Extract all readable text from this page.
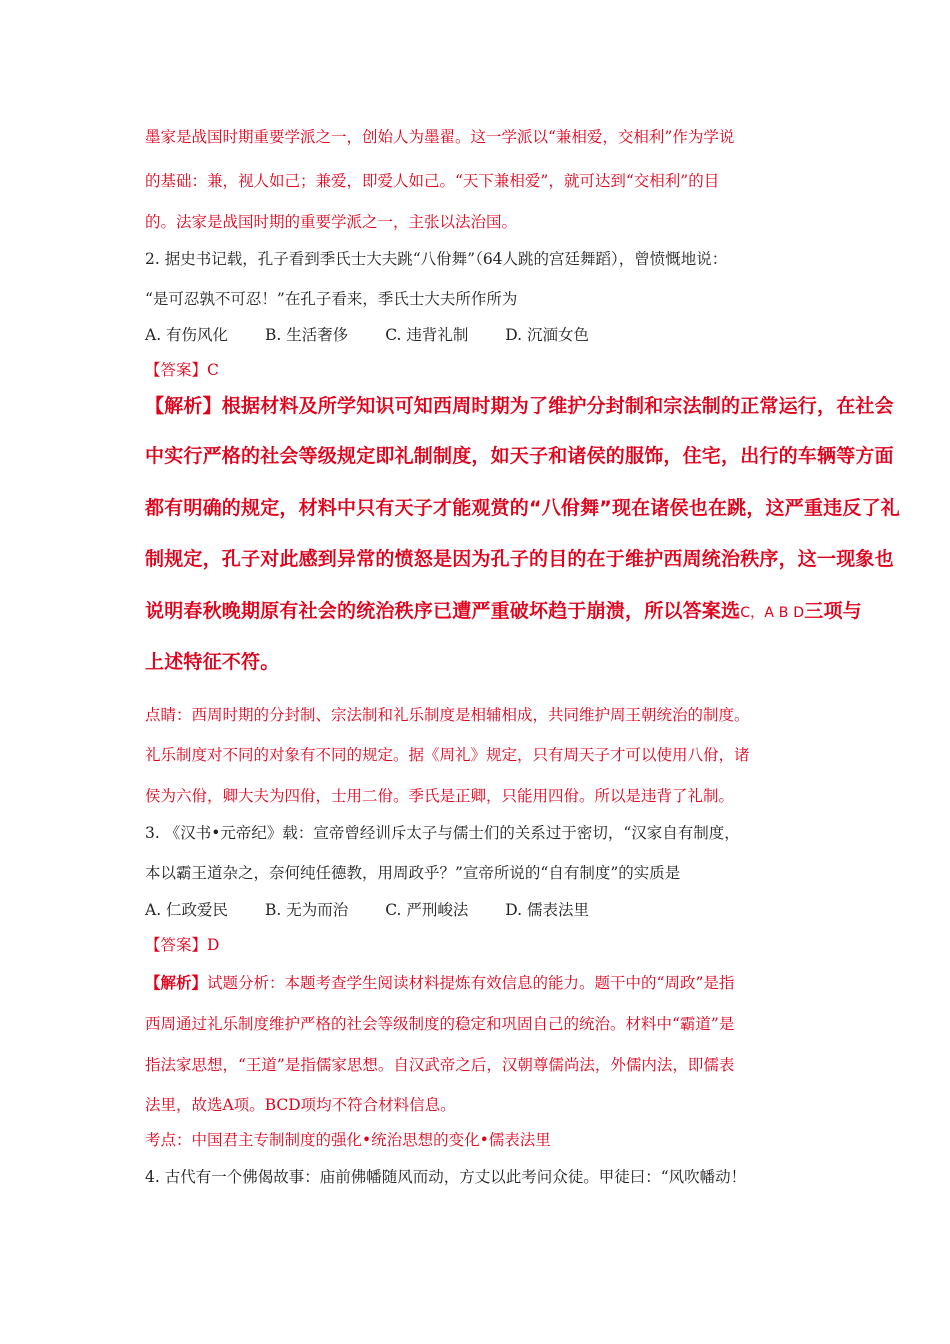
墨家是战国时期重要学派之一，创始人为墨翟。这一学派以“兼相爱，交相利”作为学说
的基础：兼，视人如己；兼爱，即爱人如己。“天下兼相爱”，就可达到“交相利”的目
的。法家是战国时期的重要学派之一，主张以法治国。
2. 据史书记载，孔子看到季氏士大夫跳“八佾舞”（64人跳的宫廷舞蹈），曾愤慨地说：
“是可忍孰不可忍！”在孔子看来，季氏士大夫所作所为
A. 有伤风化 B. 生活奢侈 C. 违背礼制 D. 沉湎女色
【答案】C
【解析】根据材料及所学知识可知西周时期为了维护分封制和宗法制的正常运行，在社会
中实行严格的社会等级规定即礼制制度，如天子和诸侯的服饰，住宅，出行的车辆等方面
都有明确的规定，材料中只有天子才能观赏的“八佾舞”现在诸侯也在跳，这严重违反了礼
制规定，孔子对此感到异常的愤怒是因为孔子的目的在于维护西周统治秩序，这一现象也
说明春秋晚期原有社会的统治秩序已遭严重破坏趋于崩溃，所以答案选C，A B D三项与
上述特征不符。
点睛：西周时期的分封制、宗法制和礼乐制度是相辅相成，共同维护周王朝统治的制度。
礼乐制度对不同的对象有不同的规定。据《周礼》规定，只有周天子才可以使用八佾，诸
侯为六佾，卿大夫为四佾，士用二佾。季氏是正卿，只能用四佾。所以是违背了礼制。
3. 《汉书•元帝纪》载：宣帝曾经训斥太子与儒士们的关系过于密切，“汉家自有制度，
本以霸王道杂之，奈何纯任德教，用周政乎？”宣帝所说的“自有制度”的实质是
A. 仁政爱民 B. 无为而治 C. 严刑峻法 D. 儒表法里
【答案】D
【解析】试题分析：本题考查学生阅读材料提炼有效信息的能力。题干中的“周政”是指
西周通过礼乐制度维护严格的社会等级制度的稳定和巩固自己的统治。材料中“霸道”是
指法家思想，“王道”是指儒家思想。自汉武帝之后，汉朝尊儒尚法，外儒内法，即儒表
法里，故选A项。BCD项均不符合材料信息。
考点：中国君主专制制度的强化•统治思想的变化•儒表法里
4. 古代有一个佛偈故事：庙前佛幡随风而动，方丈以此考问众徒。甲徒曰：“风吹幡动！
